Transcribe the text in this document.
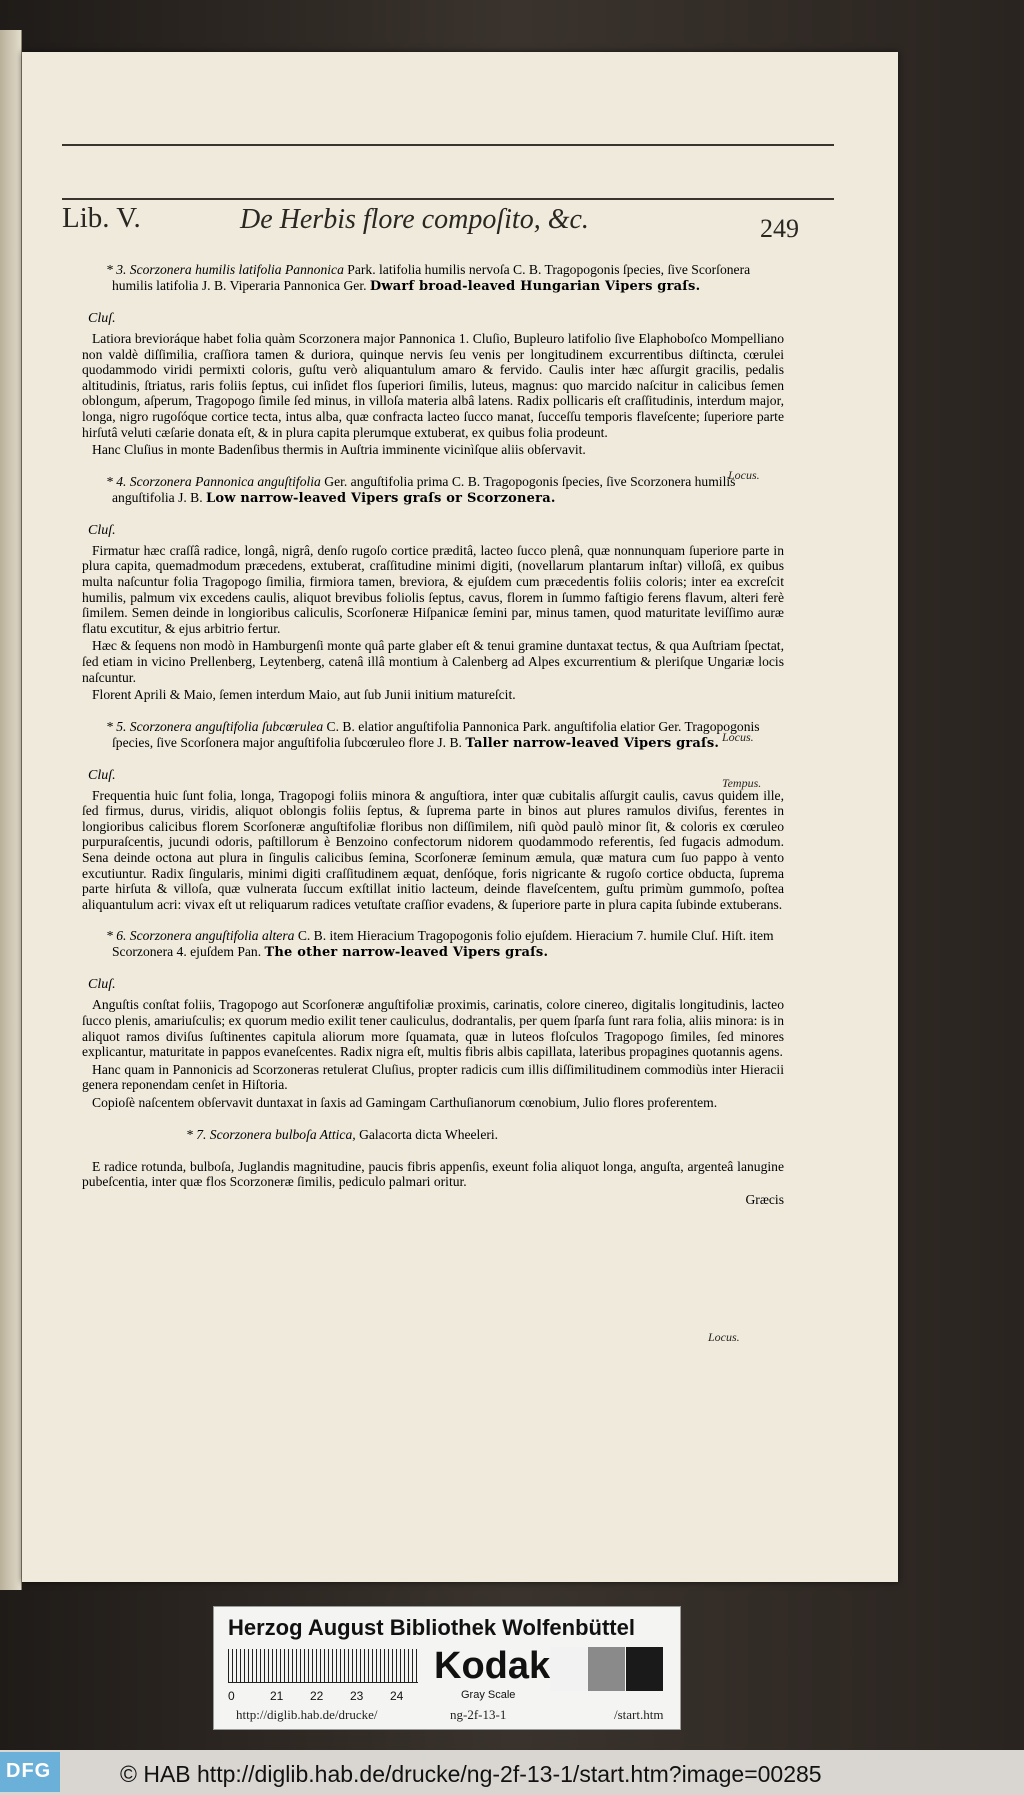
Lib. V.	De Herbis flore compoſito, &c.	249
* 3. Scorzonera humilis latifolia Pannonica Park. latifolia humilis nervoſa C. B. Tragopogonis ſpecies, ſive Scorſonera humilis latifolia J. B. Viperaria Pannonica Ger. Dwarf broad-leaved Hungarian Vipers graſs.
Cluſ.

Latiora brevioráque habet folia quàm Scorzonera major Pannonica 1. Cluſio, Bupleuro latifolio ſive Elaphoboſco Mompelliano non valdè diſſimilia, craſſiora tamen & duriora, quinque nervis ſeu venis per longitudinem excurrentibus diſtincta, cœrulei quodammodo viridi permixti coloris, guſtu verò aliquantulum amaro & fervido. Caulis inter hæc aſſurgit gracilis, pedalis altitudinis, ſtriatus, raris foliis ſeptus, cui inſidet flos ſuperiori ſimilis, luteus, magnus: quo marcido naſcitur in calicibus ſemen oblongum, aſperum, Tragopogo ſimile ſed minus, in villoſa materia albâ latens. Radix pollicaris eſt craſſitudinis, interdum major, longa, nigro rugoſóque cortice tecta, intus alba, quæ confracta lacteo ſucco manat, ſucceſſu temporis flaveſcente; ſuperiore parte hirſutâ veluti cæſarie donata eſt, & in plura capita plerumque extuberat, ex quibus folia prodeunt.

Hanc Cluſius in monte Badenſibus thermis in Auſtria imminente vicinìſque aliis obſervavit.

* 4. Scorzonera Pannonica anguſtifolia Ger. anguſtifolia prima C. B. Tragopogonis ſpecies, ſive Scorzonera humilis anguſtifolia J. B. Low narrow-leaved Vipers graſs or Scorzonera.
Cluſ.

Firmatur hæc craſſâ radice, longâ, nigrâ, denſo rugoſo cortice præditâ, lacteo ſucco plenâ, quæ nonnunquam ſuperiore parte in plura capita, quemadmodum præcedens, extuberat, craſſitudine minimi digiti, (novellarum plantarum inſtar) villoſâ, ex quibus multa naſcuntur folia Tragopogo ſimilia, firmiora tamen, breviora, & ejuſdem cum præcedentis foliis coloris; inter ea excreſcit humilis, palmum vix excedens caulis, aliquot brevibus foliolis ſeptus, cavus, florem in ſummo faſtigio ferens flavum, alteri ferè ſimilem. Semen deinde in longioribus caliculis, Scorſoneræ Hiſpanicæ ſemini par, minus tamen, quod maturitate leviſſimo auræ flatu excutitur, & ejus arbitrio fertur.

Hæc & ſequens non modò in Hamburgenſi monte quâ parte glaber eſt & tenui gramine duntaxat tectus, & qua Auſtriam ſpectat, ſed etiam in vicino Prellenberg, Leytenberg, catenâ illâ montium à Calenberg ad Alpes excurrentium & pleriſque Ungariæ locis naſcuntur.

Florent Aprili & Maio, ſemen interdum Maio, aut ſub Junii initium matureſcit.

* 5. Scorzonera anguſtifolia ſubcœrulea C. B. elatior anguſtifolia Pannonica Park. anguſtifolia elatior Ger. Tragopogonis ſpecies, ſive Scorſonera major anguſtifolia ſubcœruleo flore J. B. Taller narrow-leaved Vipers graſs.
Cluſ.

Frequentia huic ſunt folia, longa, Tragopogi foliis minora & anguſtiora, inter quæ cubitalis aſſurgit caulis, cavus quidem ille, ſed firmus, durus, viridis, aliquot oblongis foliis ſeptus, & ſuprema parte in binos aut plures ramulos diviſus, ferentes in longioribus calicibus florem Scorſoneræ anguſtifoliæ floribus non diſſimilem, niſi quòd paulò minor ſit, & coloris ex cœruleo purpuraſcentis, jucundi odoris, paſtillorum è Benzoino confectorum nidorem quodammodo referentis, ſed fugacis admodum. Sena deinde octona aut plura in ſingulis calicibus ſemina, Scorſoneræ ſeminum æmula, quæ matura cum ſuo pappo à vento excutiuntur. Radix ſingularis, minimi digiti craſſitudinem æquat, denſóque, foris nigricante & rugoſo cortice obducta, ſuprema parte hirſuta & villoſa, quæ vulnerata ſuccum exſtillat initio lacteum, deinde flaveſcentem, guſtu primùm gummoſo, poſtea aliquantulum acri: vivax eſt ut reliquarum radices vetuſtate craſſior evadens, & ſuperiore parte in plura capita ſubinde extuberans.

* 6. Scorzonera anguſtifolia altera C. B. item Hieracium Tragopogonis folio ejuſdem. Hieracium 7. humile Cluſ. Hiſt. item Scorzonera 4. ejuſdem Pan. The other narrow-leaved Vipers graſs.
Cluſ.

Anguſtis conſtat foliis, Tragopogo aut Scorſoneræ anguſtifoliæ proximis, carinatis, colore cinereo, digitalis longitudinis, lacteo ſucco plenis, amariuſculis; ex quorum medio exilit tener cauliculus, dodrantalis, per quem ſparſa ſunt rara folia, aliis minora: is in aliquot ramos diviſus ſuſtinentes capitula aliorum more ſquamata, quæ in luteos floſculos Tragopogo ſimiles, ſed minores explicantur, maturitate in pappos evaneſcentes. Radix nigra eſt, multis fibris albis capillata, lateribus propagines quotannis agens.

Hanc quam in Pannonicis ad Scorzoneras retulerat Cluſius, propter radicis cum illis diſſimilitudinem commodiùs inter Hieracii genera reponendam cenſet in Hiſtoria.

Copioſè naſcentem obſervavit duntaxat in ſaxis ad Gamingam Carthuſianorum cœnobium, Julio flores proferentem.

* 7. Scorzonera bulboſa Attica, Galacorta dicta Wheeleri.

E radice rotunda, bulboſa, Juglandis magnitudine, paucis fibris appenſis, exeunt folia aliquot longa, anguſta, argenteâ lanugine pubeſcentia, inter quæ flos Scorzoneræ ſimilis, pediculo palmari oritur.

Græcis
Locus.
Locus.
Tempus.
Locus.
Herzog August Bibliothek Wolfenbüttel
0	21 22 23 24
Kodak
Gray Scale
http://diglib.hab.de/drucke/	ng-2f-13-1	/start.htm
DFG	© HAB http://diglib.hab.de/drucke/ng-2f-13-1/start.htm?image=00285
